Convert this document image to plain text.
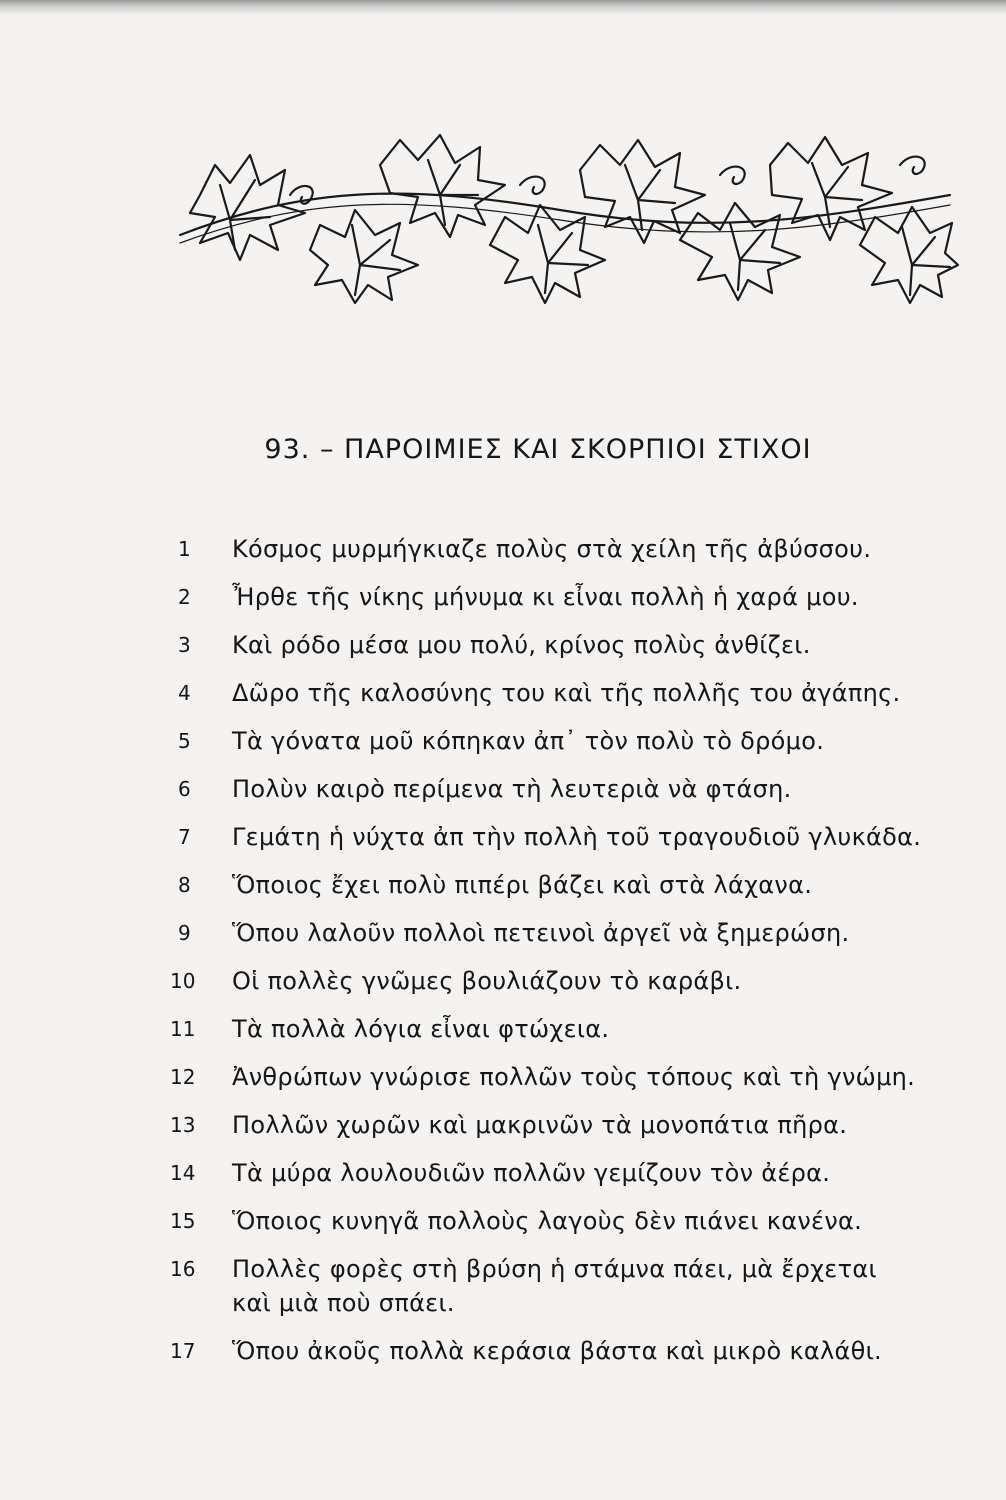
93. – ΠΑΡΟΙΜΙΕΣ ΚΑΙ ΣΚΟΡΠΙΟΙ ΣΤΙΧΟΙ
1	Κόσμος μυρμήγκιαζε πολὺς στὰ χείλη τῆς ἀβύσσου.
2	Ἦρθε τῆς νίκης μήνυμα κι εἶναι πολλὴ ἡ χαρά μου.
3	Καὶ ρόδο μέσα μου πολύ, κρίνος πολὺς ἀνθίζει.
4	Δῶρο τῆς καλοσύνης του καὶ τῆς πολλῆς του ἀγάπης.
5	Τὰ γόνατα μοῦ κόπηκαν ἀπ᾽ τὸν πολὺ τὸ δρόμο.
6	Πολὺν καιρὸ περίμενα τὴ λευτεριὰ νὰ φτάση.
7	Γεμάτη ἡ νύχτα ἀπ τὴν πολλὴ τοῦ τραγουδιοῦ γλυκάδα.
8	Ὅποιος ἔχει πολὺ πιπέρι βάζει καὶ στὰ λάχανα.
9	Ὅπου λαλοῦν πολλοὶ πετεινοὶ ἀργεῖ νὰ ξημερώση.
10	Οἱ πολλὲς γνῶμες βουλιάζουν τὸ καράβι.
11	Τὰ πολλὰ λόγια εἶναι φτώχεια.
12	Ἀνθρώπων γνώρισε πολλῶν τοὺς τόπους καὶ τὴ γνώμη.
13	Πολλῶν χωρῶν καὶ μακρινῶν τὰ μονοπάτια πῆρα.
14	Τὰ μύρα λουλουδιῶν πολλῶν γεμίζουν τὸν ἀέρα.
15	Ὅποιος κυνηγᾶ πολλοὺς λαγοὺς δὲν πιάνει κανένα.
16	Πολλὲς φορὲς στὴ βρύση ἡ στάμνα πάει, μὰ ἔρχεται
καὶ μιὰ ποὺ σπάει.
17	Ὅπου ἀκοῦς πολλὰ κεράσια βάστα καὶ μικρὸ καλάθι.
